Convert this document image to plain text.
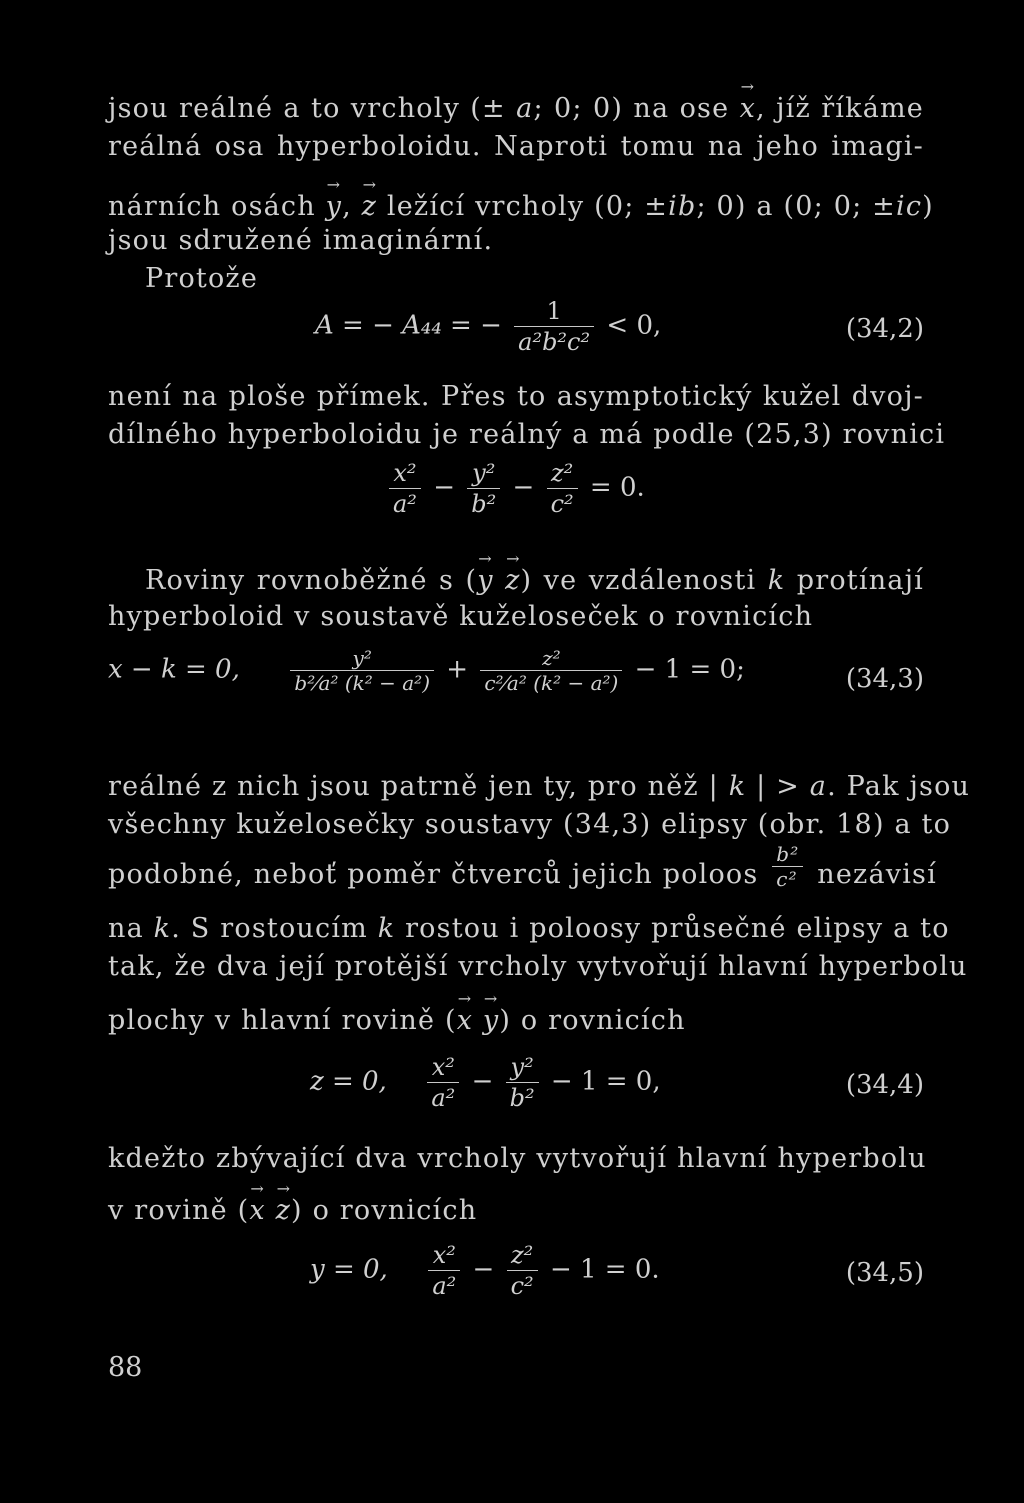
jsou reálné a to vrcholy (± a; 0; 0) na ose → x, jíž říkáme
reálná osa hyperboloidu. Naproti tomu na jeho imagi-
nárních osách → y, → z ležící vrcholy (0; ±ib; 0) a (0; 0; ±ic)
jsou sdružené imaginární.
Protože
A = − A₄₄ = − $\frac{1}{\text{a²b²c²}} < 0$,	(34,2)
není na ploše přímek. Přes to asymptotický kužel dvoj-
dílného hyperboloidu je reálný a má podle (25,3) rovnici
$\frac{\text{x²}}{\text{a²}} - \frac{\text{y²}}{\text{b²}} - \frac{\text{z²}}{\text{c²}} = 0$.
Roviny rovnoběžné s (→ y → z) ve vzdálenosti k protínají
hyperboloid v soustavě kuželoseček o rovnicích
x − k = 0,	$\frac{\text{y²}}{\text{b²⁄a² (k² − a²)}} + \frac{\text{z²}}{\text{c²⁄a² (k² − a²)}} - 1 = 0$;	(34,3)
reálné z nich jsou patrně jen ty, pro něž | k | > a. Pak jsou
všechny kuželosečky soustavy (34,3) elipsy (obr. 18) a to
podobné, neboť poměr čtverců jejich poloos $\frac{\text{b²}}{\text{c²}}$ nezávisí
na k. S rostoucím k rostou i poloosy průsečné elipsy a to
tak, že dva její protější vrcholy vytvořují hlavní hyperbolu
plochy v hlavní rovině (→ x → y) o rovnicích
z = 0, $\frac{\text{x²}}{\text{a²}} - \frac{\text{y²}}{\text{b²}} - 1 = 0$,	(34,4)
kdežto zbývající dva vrcholy vytvořují hlavní hyperbolu
v rovině (→ x → z) o rovnicích
y = 0, $\frac{\text{x²}}{\text{a²}} - \frac{\text{z²}}{\text{c²}} - 1 = 0$.	(34,5)
88
